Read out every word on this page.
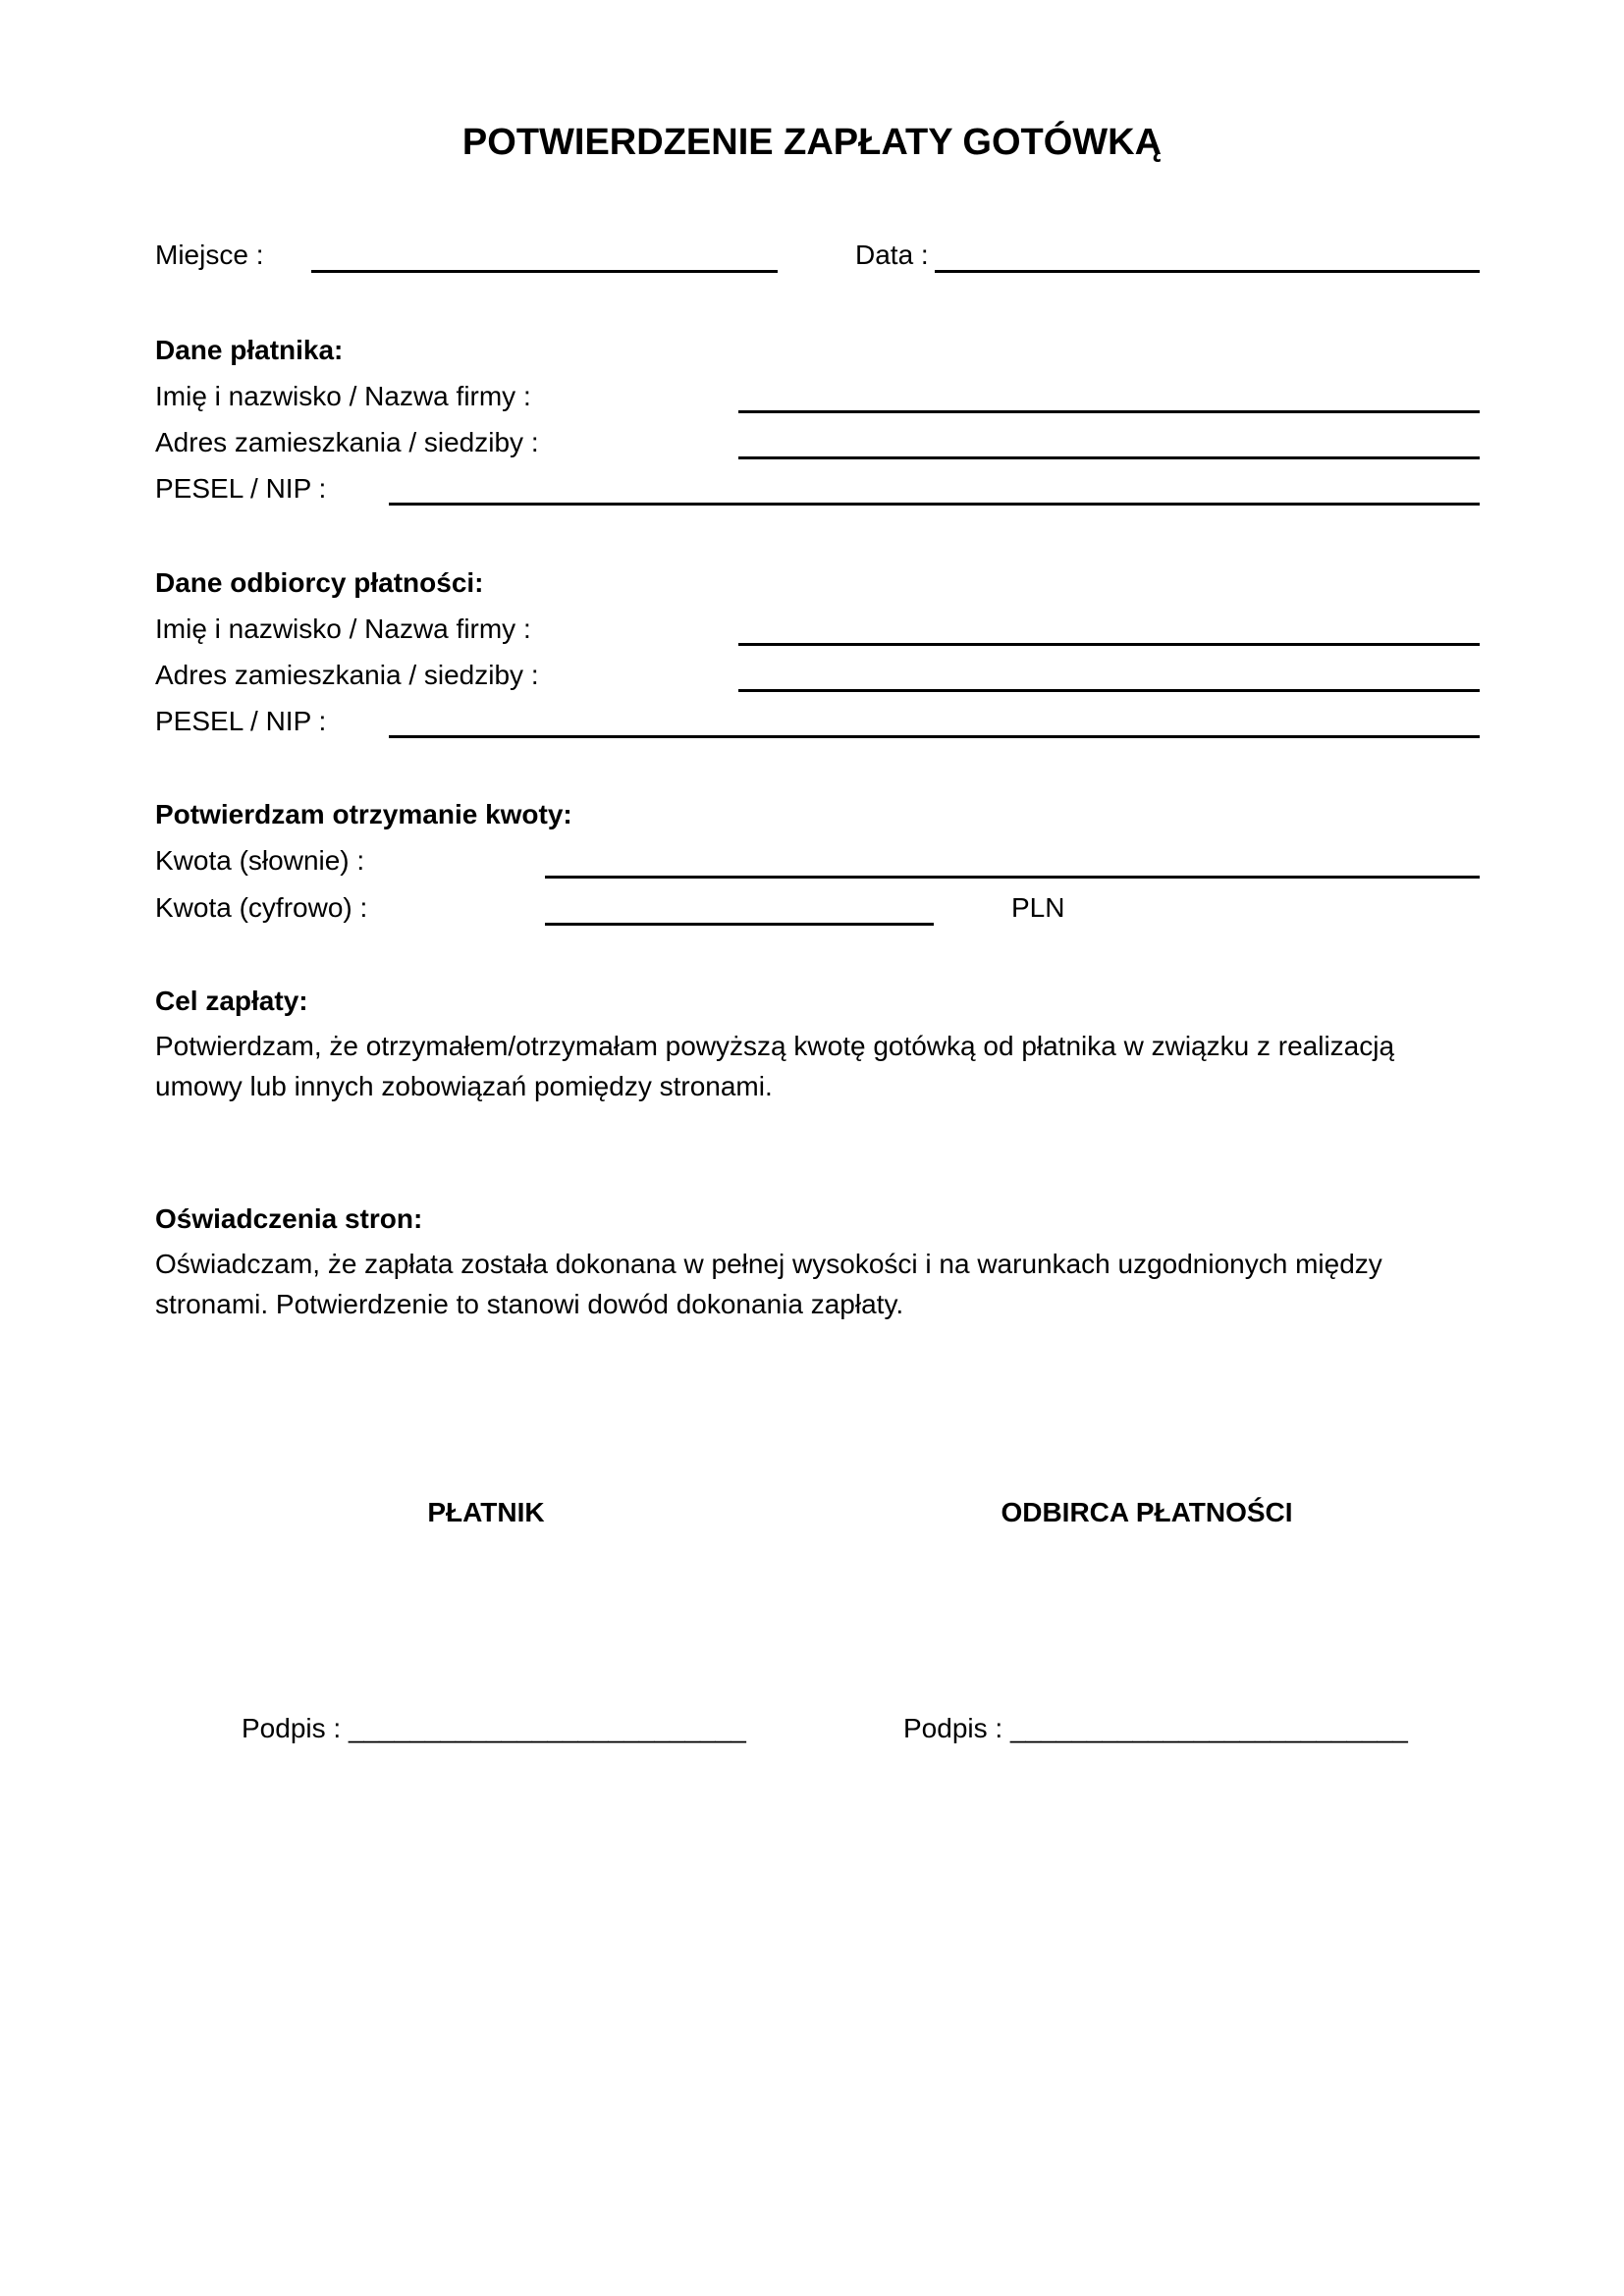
POTWIERDZENIE ZAPŁATY GOTÓWKĄ
Miejsce :	Data :
Dane płatnika:
Imię i nazwisko / Nazwa firmy :
Adres zamieszkania / siedziby :
PESEL / NIP :
Dane odbiorcy płatności:
Imię i nazwisko / Nazwa firmy :
Adres zamieszkania / siedziby :
PESEL / NIP :
Potwierdzam otrzymanie kwoty:
Kwota (słownie) :
Kwota (cyfrowo) :	PLN
Cel zapłaty:
Potwierdzam, że otrzymałem/otrzymałam powyższą kwotę gotówką od płatnika w związku z realizacją umowy lub innych zobowiązań pomiędzy stronami.
Oświadczenia stron:
Oświadczam, że zapłata została dokonana w pełnej wysokości i na warunkach uzgodnionych między stronami. Potwierdzenie to stanowi dowód dokonania zapłaty.
PŁATNIK	ODBIRCA PŁATNOŚCI
Podpis : __________________________	Podpis : __________________________
